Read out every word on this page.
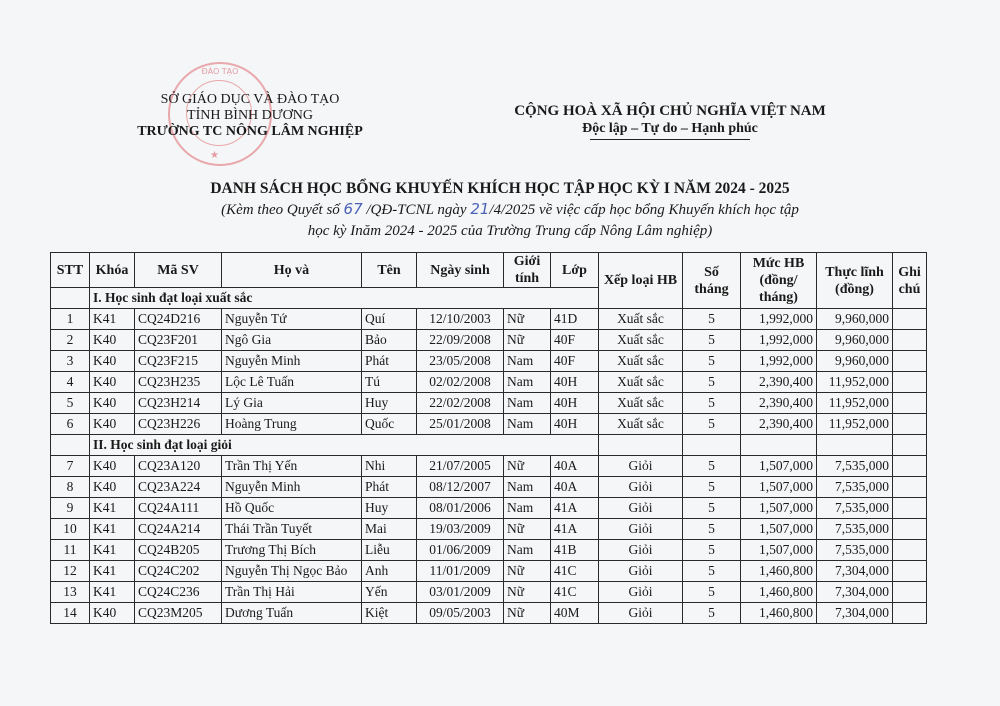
ĐÀO TẠO
★
SỞ GIÁO DỤC VÀ ĐÀO TẠO
TỈNH BÌNH DƯƠNG
TRƯỜNG TC NÔNG LÂM NGHIỆP
CỘNG HOÀ XÃ HỘI CHỦ NGHĨA VIỆT NAM
Độc lập – Tự do – Hạnh phúc
DANH SÁCH HỌC BỔNG KHUYẾN KHÍCH HỌC TẬP HỌC KỲ I NĂM 2024 - 2025
(Kèm theo Quyết số 67 /QĐ-TCNL ngày 21/4/2025 về việc cấp học bổng Khuyến khích học tập
học kỳ Inăm 2024 - 2025 của Trường Trung cấp Nông Lâm nghiệp)
STT	Khóa	Mã SV	Họ và	Tên	Ngày sinh	Giới tính	Lớp	Xếp loại HB	Số tháng	Mức HB (đồng/ tháng)	Thực lĩnh (đồng)	Ghi chú

	I. Học sinh đạt loại xuất sắc											
1	K41	CQ24D216	Nguyễn Tứ	Quí	12/10/2003	Nữ	41D	Xuất sắc	5	1,992,000	9,960,000	
2	K40	CQ23F201	Ngô Gia	Bảo	22/09/2008	Nữ	40F	Xuất sắc	5	1,992,000	9,960,000	
3	K40	CQ23F215	Nguyễn Minh	Phát	23/05/2008	Nam	40F	Xuất sắc	5	1,992,000	9,960,000	
4	K40	CQ23H235	Lộc Lê Tuấn	Tú	02/02/2008	Nam	40H	Xuất sắc	5	2,390,400	11,952,000	
5	K40	CQ23H214	Lý Gia	Huy	22/02/2008	Nam	40H	Xuất sắc	5	2,390,400	11,952,000	
6	K40	CQ23H226	Hoàng Trung	Quốc	25/01/2008	Nam	40H	Xuất sắc	5	2,390,400	11,952,000	
	II. Học sinh đạt loại giỏi											
7	K40	CQ23A120	Trần Thị Yến	Nhi	21/07/2005	Nữ	40A	Giỏi	5	1,507,000	7,535,000	
8	K40	CQ23A224	Nguyễn Minh	Phát	08/12/2007	Nam	40A	Giỏi	5	1,507,000	7,535,000	
9	K41	CQ24A111	Hồ Quốc	Huy	08/01/2006	Nam	41A	Giỏi	5	1,507,000	7,535,000	
10	K41	CQ24A214	Thái Trần Tuyết	Mai	19/03/2009	Nữ	41A	Giỏi	5	1,507,000	7,535,000	
11	K41	CQ24B205	Trương Thị Bích	Liễu	01/06/2009	Nam	41B	Giỏi	5	1,507,000	7,535,000	
12	K41	CQ24C202	Nguyễn Thị Ngọc Bảo	Anh	11/01/2009	Nữ	41C	Giỏi	5	1,460,800	7,304,000	
13	K41	CQ24C236	Trần Thị Hải	Yến	03/01/2009	Nữ	41C	Giỏi	5	1,460,800	7,304,000	
14	K40	CQ23M205	Dương Tuấn	Kiệt	09/05/2003	Nữ	40M	Giỏi	5	1,460,800	7,304,000	
